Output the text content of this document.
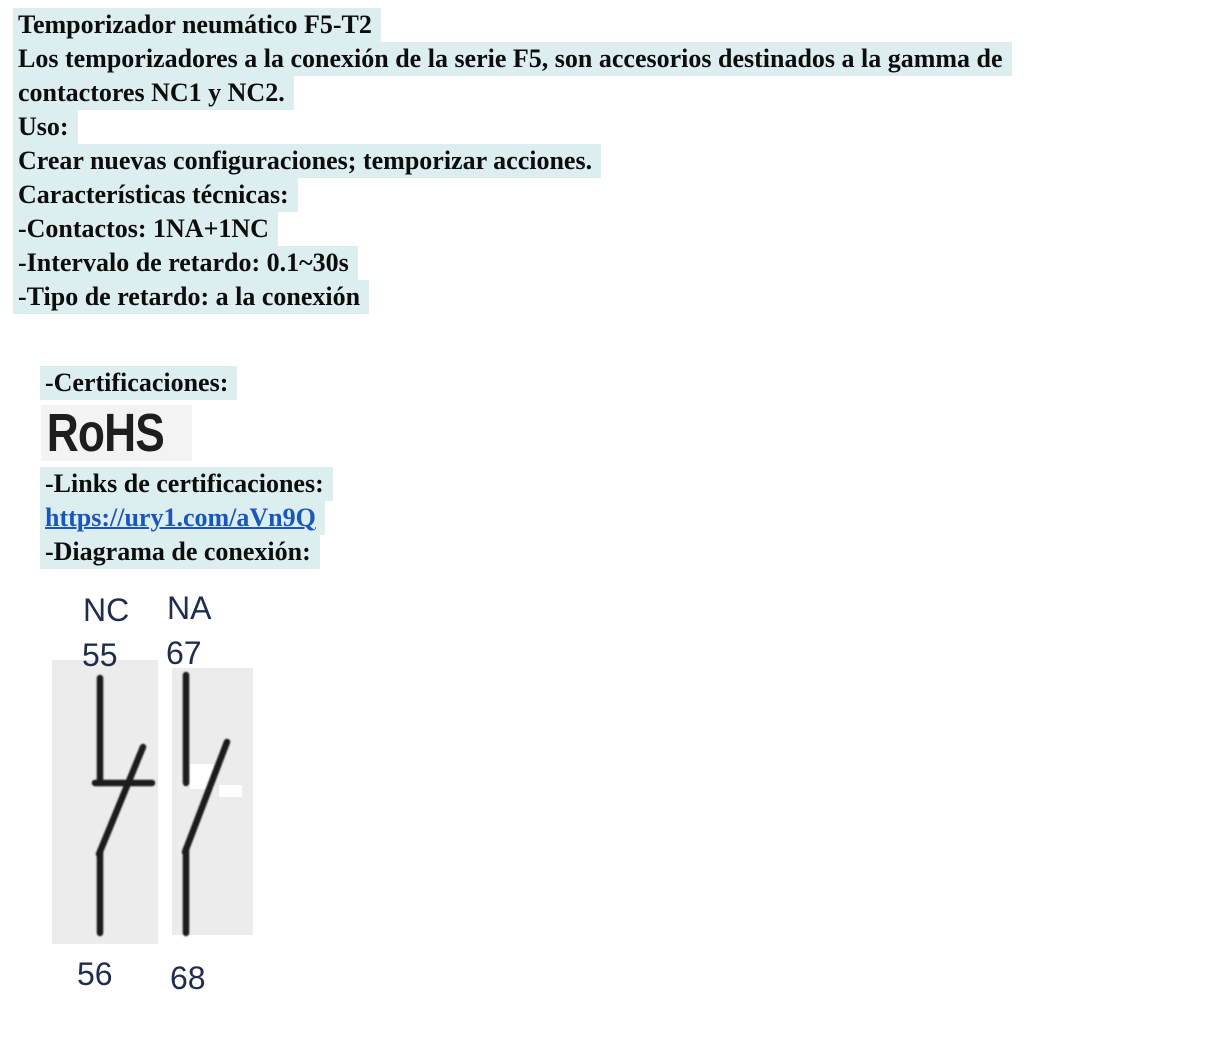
Temporizador neumático F5-T2
Los temporizadores a la conexión de la serie F5, son accesorios destinados a la gamma de
contactores NC1 y NC2.
Uso:
Crear nuevas configuraciones; temporizar acciones.
Características técnicas:
-Contactos: 1NA+1NC
-Intervalo de retardo: 0.1~30s
-Tipo de retardo: a la conexión
-Certificaciones:
RoHS
-Links de certificaciones:
https://ury1.com/aVn9Q
-Diagrama de conexión:
NC NA
55 67
56 68
